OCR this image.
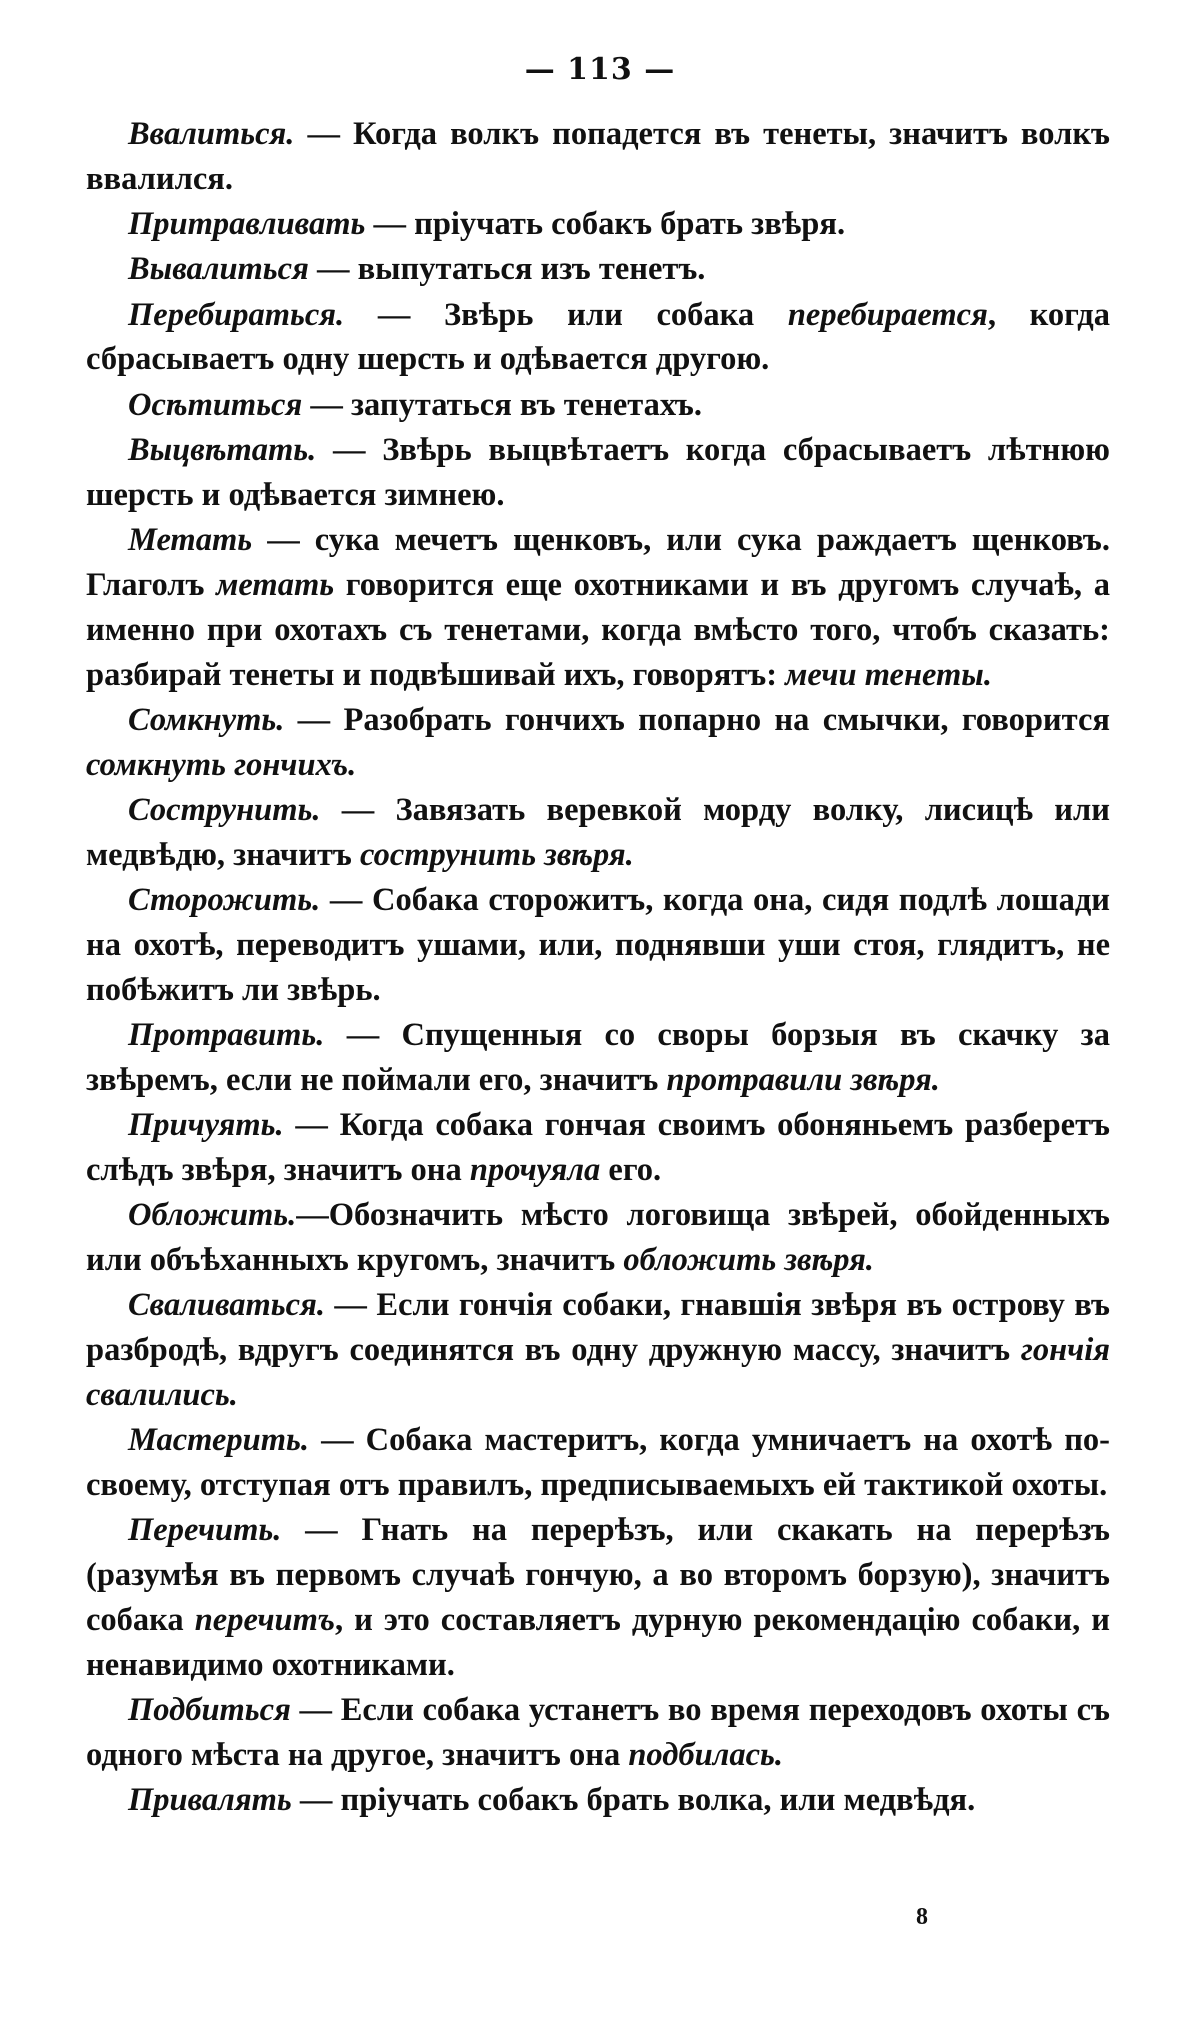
— 113 —

Ввалиться. — Когда волкъ попадется въ тенеты, значитъ волкъ ввалился.

Притравливать — пріучать собакъ брать звѣря.

Вывалиться — выпутаться изъ тенетъ.

Перебираться. — Звѣрь или собака перебирается, когда сбрасываетъ одну шерсть и одѣвается другою.

Осѣтиться — запутаться въ тенетахъ.

Выцвѣтать. — Звѣрь выцвѣтаетъ когда сбрасываетъ лѣтнюю шерсть и одѣвается зимнею.

Метать — сука мечетъ щенковъ, или сука раждаетъ щенковъ. Глаголъ метать говорится еще охотниками и въ другомъ случаѣ, а именно при охотахъ съ тенетами, когда вмѣсто того, чтобъ сказать: разбирай тенеты и подвѣшивай ихъ, говорятъ: мечи тенеты.

Сомкнуть. — Разобрать гончихъ попарно на смычки, говорится сомкнуть гончихъ.

Сострунить. — Завязать веревкой морду волку, лисицѣ или медвѣдю, значитъ сострунить звѣря.

Сторожить. — Собака сторожитъ, когда она, сидя подлѣ лошади на охотѣ, переводитъ ушами, или, поднявши уши стоя, глядитъ, не побѣжитъ ли звѣрь.

Протравить. — Спущенныя со своры борзыя въ скачку за звѣремъ, если не поймали его, значитъ протравили звѣря.

Причуять. — Когда собака гончая своимъ обоняньемъ разберетъ слѣдъ звѣря, значитъ она прочуяла его.

Обложить.—Обозначить мѣсто логовища звѣрей, обойденныхъ или объѣханныхъ кругомъ, значитъ обложить звѣря.

Сваливаться. — Если гончія собаки, гнавшія звѣря въ острову въ разбродѣ, вдругъ соединятся въ одну дружную массу, значитъ гончія свалились.

Мастерить. — Собака мастеритъ, когда умничаетъ на охотѣ по-своему, отступая отъ правилъ, предписываемыхъ ей тактикой охоты.

Перечить. — Гнать на перерѣзъ, или скакать на перерѣзъ (разумѣя въ первомъ случаѣ гончую, а во второмъ борзую), значитъ собака перечитъ, и это составляетъ дурную рекомендацію собаки, и ненавидимо охотниками.

Подбиться — Если собака устанетъ во время переходовъ охоты съ одного мѣста на другое, значитъ она подбилась.

Привалять — пріучать собакъ брать волка, или медвѣдя.

8
